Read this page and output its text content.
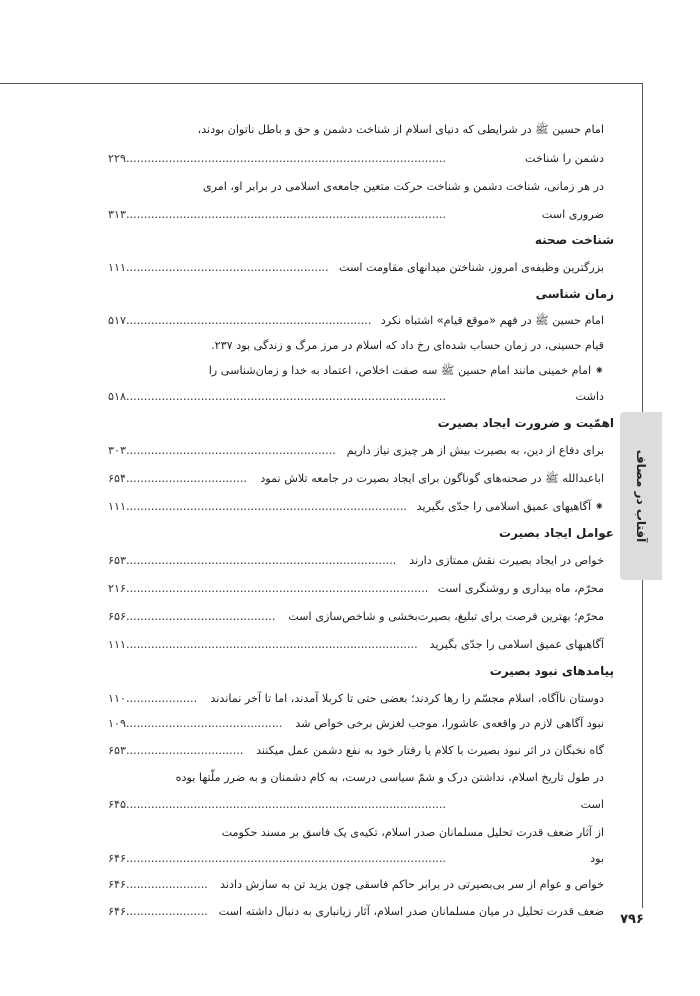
آفتاب در مصاف
۷۹۶
امام حسین ﷺ در شرایطی که دنیای اسلام از شناخت دشمن و حق و باطل ناتوان بودند،
دشمن را شناخت
۲۲۹..........................................................................................
در هر زمانی، شناخت دشمن و شناخت حرکت متعین جامعه‌ی اسلامی در برابر او، امری
ضروری است
۳۱۳..........................................................................................
شناخت صحنه
بزرگترین وظیفه‌ی امروز، شناختن میدانهای مقاومت است
۱۱۱.........................................................
زمان شناسی
امام حسین ﷺ در فهم «موقع قیام» اشتباه نکرد
۵۱۷.....................................................................
قیام حسینی، در زمان حساب شده‌ای رخ داد که اسلام در مرز مرگ و زندگی بود ۲۳۷.
⁕ امام خمینی مانند امام حسین ﷺ سه صفت اخلاص، اعتماد به خدا و زمان‌شناسی را
داشت
۵۱۸..........................................................................................
اهمّیت و ضرورت ایجاد بصیرت
برای دفاع از دین، به بصیرت بیش از هر چیزی نیاز داریم
۳۰۳...........................................................
اباعبدالله ﷺ در صحنه‌های گوناگون برای ایجاد بصیرت در جامعه تلاش نمود
۶۵۴..................................
⁕ آگاهیهای عمیق اسلامی را جدّی بگیرید
۱۱۱...............................................................................
عوامل ایجاد بصیرت
خواص در ایجاد بصیرت نقش ممتازی دارند
۶۵۳............................................................................
محرّم، ماه بیداری و روشنگری است
۲۱۶.....................................................................................
محرّم؛ بهترین فرصت برای تبلیغ، بصیرت‌بخشی و شاخص‌سازی است
۶۵۶..........................................
آگاهیهای عمیق اسلامی را جدّی بگیرید
۱۱۱..................................................................................
پیامدهای نبود بصیرت
دوستان ناآگاه، اسلام مجسّم را رها کردند؛ بعضی حتی تا کربلا آمدند، اما تا آخر نماندند
۱۱۰....................
نبود آگاهی لازم در واقعه‌ی عاشورا، موجب لغزش برخی خواص شد
۱۰۹............................................
گاه نخبگان در اثر نبود بصیرت با کلام یا رفتار خود به نفع دشمن عمل میکنند
۶۵۳.................................
در طول تاریخ اسلام، نداشتن درک و شمّ سیاسی درست، به کام دشمنان و به ضرر ملّتها بوده
است
۶۴۵..........................................................................................
از آثار ضعف قدرت تحلیل مسلمانان صدر اسلام، تکیه‌ی یک فاسق بر مسند حکومت
بود
۶۴۶..........................................................................................
خواص و عوام از سر بی‌بصیرتی در برابر حاکم فاسقی چون یزید تن به سازش دادند
۶۴۶.......................
ضعف قدرت تحلیل در میان مسلمانان صدر اسلام، آثار زیانباری به دنبال داشته است
۶۴۶.......................
